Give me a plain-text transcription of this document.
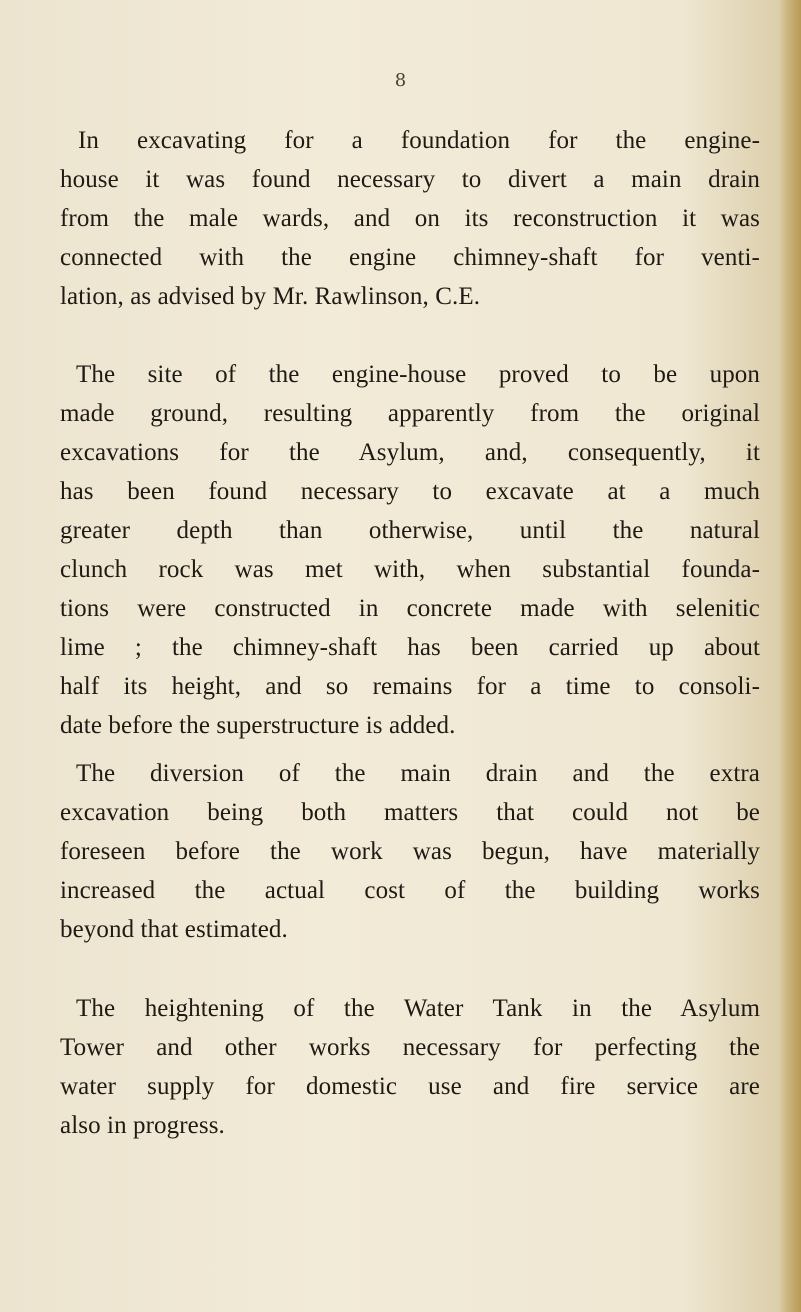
8
In excavating for a foundation for the engine-
house it was found necessary to divert a main drain
from the male wards, and on its reconstruction it was
connected with the engine chimney-shaft for venti-
lation, as advised by Mr. Rawlinson, C.E.
The site of the engine-house proved to be upon
made ground, resulting apparently from the original
excavations for the Asylum, and, consequently, it
has been found necessary to excavate at a much
greater depth than otherwise, until the natural
clunch rock was met with, when substantial founda-
tions were constructed in concrete made with selenitic
lime ; the chimney-shaft has been carried up about
half its height, and so remains for a time to consoli-
date before the superstructure is added.
The diversion of the main drain and the extra
excavation being both matters that could not be
foreseen before the work was begun, have materially
increased the actual cost of the building works
beyond that estimated.
The heightening of the Water Tank in the Asylum
Tower and other works necessary for perfecting the
water supply for domestic use and fire service are
also in progress.
